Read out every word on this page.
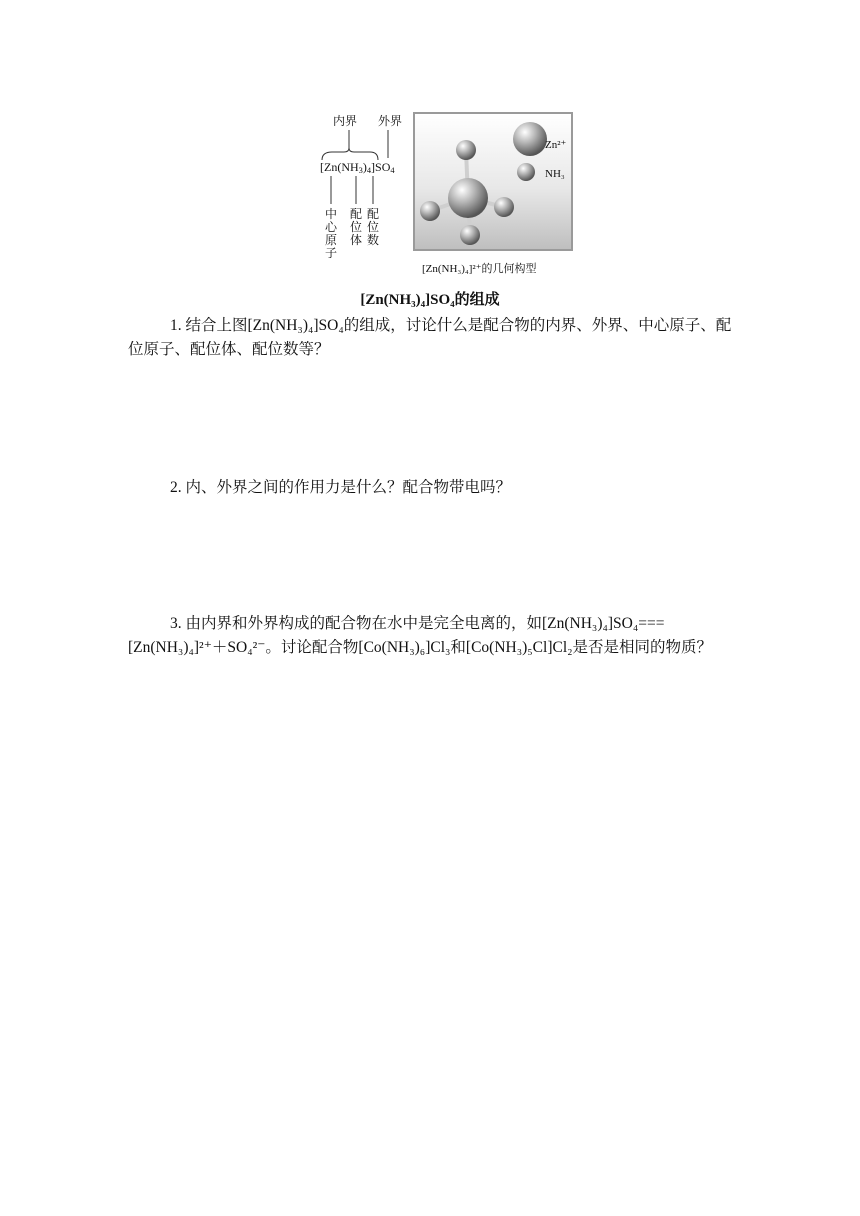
内界 外界
$[Zn(NH_3)_4]SO_4$
中心原子
配位体
配位数
Zn²⁺
NH₃
[Zn(NH₃)₄]²⁺的几何构型
[Zn(NH₃)₄]SO₄的组成

1. 结合上图[Zn(NH₃)₄]SO₄的组成，讨论什么是配合物的内界、外界、中心原子、配位原子、配位体、配位数等？

2. 内、外界之间的作用力是什么？配合物带电吗？

3. 由内界和外界构成的配合物在水中是完全电离的，如[Zn(NH₃)₄]SO₄===[Zn(NH₃)₄]²⁺＋SO₄²⁻。讨论配合物[Co(NH₃)₆]Cl₃和[Co(NH₃)₅Cl]Cl₂是否是相同的物质？
